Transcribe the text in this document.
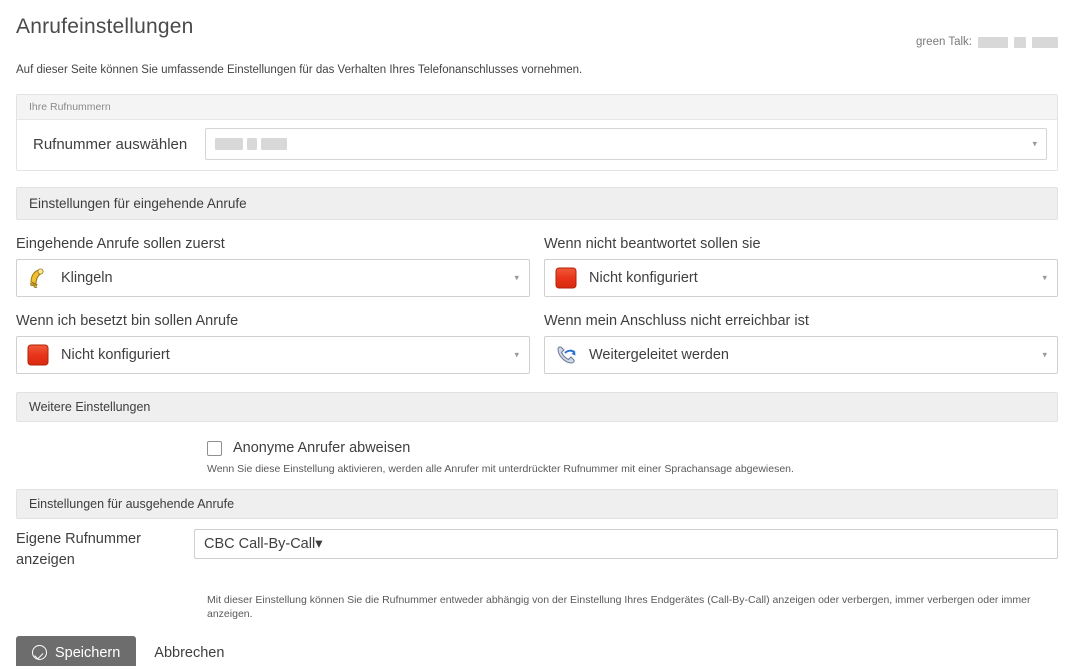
Anrufeinstellungen
green Talk:

Auf dieser Seite können Sie umfassende Einstellungen für das Verhalten Ihres Telefonanschlusses vornehmen.

Ihre Rufnummern
Rufnummer auswählen	▾
Einstellungen für eingehende Anrufe
Eingehende Anrufe sollen zuerst
Klingeln	▾
Wenn nicht beantwortet sollen sie
Nicht konfiguriert	▾
Wenn ich besetzt bin sollen Anrufe
Nicht konfiguriert	▾
Wenn mein Anschluss nicht erreichbar ist
Weitergeleitet werden	▾
Weitere Einstellungen
Anonyme Anrufer abweisen
Wenn Sie diese Einstellung aktivieren, werden alle Anrufer mit unterdrückter Rufnummer mit einer Sprachansage abgewiesen.
Einstellungen für ausgehende Anrufe
Eigene Rufnummer anzeigen
CBC Call-By-Call ▾
Mit dieser Einstellung können Sie die Rufnummer entweder abhängig von der Einstellung Ihres Endgerätes (Call-By-Call) anzeigen oder verbergen, immer verbergen oder immer anzeigen.
Speichern Abbrechen
